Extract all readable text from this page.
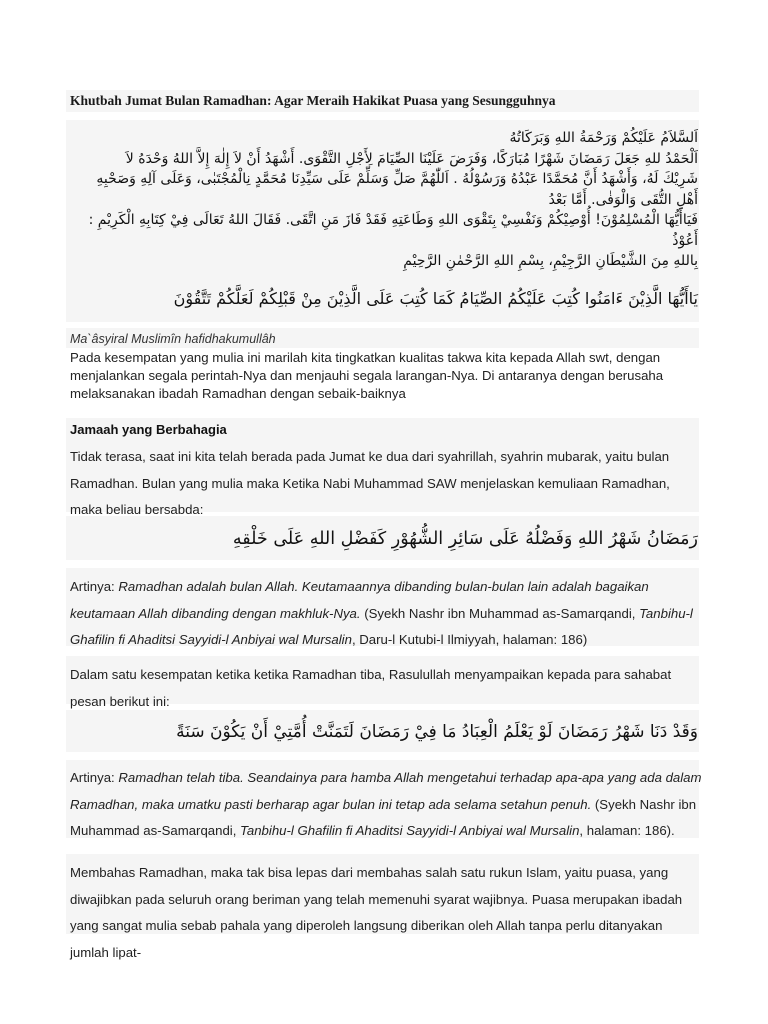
Khutbah Jumat Bulan Ramadhan: Agar Meraih Hakikat Puasa yang Sesungguhnya
اَلسَّلاَمُ عَلَيْكُمْ وَرَحْمَةُ اللهِ وَبَرَكَاتُهُ
اَلْحَمْدُ للهِ جَعَلَ رَمَضَانَ شَهْرًا مُبَارَكًا، وَفَرَضَ عَلَيْنَا الصِّيَامَ لِأَجْلِ التَّقْوَى. أَشْهَدُ أَنْ لاَ إِلٰهَ إِلاَّ اللهُ وَحْدَهُ لاَ
شَرِيْكَ لَهُ، وَأَشْهَدُ أَنَّ مُحَمَّدًا عَبْدُهُ وَرَسُوْلُهُ . اَللّٰهُمَّ صَلِّ وَسَلِّمْ عَلَى سَيِّدِنَا مُحَمَّدٍ نِالْمُجْتَبٰى، وَعَلَى آلِهِ وَصَحْبِهِ
أَهْلِ التُّقَى وَالْوَفٰى. أَمَّا بَعْدُ
فَيَاأَيُّهَا الْمُسْلِمُوْنَ! أُوْصِيْكُمْ وَنَفْسِيْ بِتَقْوَى اللهِ وَطَاعَتِهِ فَقَدْ فَازَ مَنِ اتَّقَى. فَقَالَ اللهُ تَعَالَى فِيْ كِتَابِهِ الْكَرِيْمِ : أَعُوْذُ
بِاللهِ مِنَ الشَّيْطَانِ الرَّجِيْمِ، بِسْمِ اللهِ الرَّحْمٰنِ الرَّحِيْمِ
يَاأَيُّهَا الَّذِيْنَ ءَامَنُوا كُتِبَ عَلَيْكُمُ الصِّيَامُ كَمَا كُتِبَ عَلَى الَّذِيْنَ مِنْ قَبْلِكُمْ لَعَلَّكُمْ تَتَّقُوْنَ
Ma`âsyiral Muslimîn hafidhakumullâh
Pada kesempatan yang mulia ini marilah kita tingkatkan kualitas takwa kita kepada Allah swt, dengan menjalankan segala perintah-Nya dan menjauhi segala larangan-Nya. Di antaranya dengan berusaha melaksanakan ibadah Ramadhan dengan sebaik-baiknya
Jamaah yang Berbahagia
Tidak terasa, saat ini kita telah berada pada Jumat ke dua dari syahrillah, syahrin mubarak, yaitu bulan Ramadhan. Bulan yang mulia maka Ketika Nabi Muhammad SAW menjelaskan kemuliaan Ramadhan, maka beliau bersabda:
رَمَضَانُ شَهْرُ اللهِ وَفَضْلُهُ عَلَى سَائِرِ الشُّهُوْرِ كَفَضْلِ اللهِ عَلَى خَلْقِهِ
Artinya: Ramadhan adalah bulan Allah. Keutamaannya dibanding bulan-bulan lain adalah bagaikan keutamaan Allah dibanding dengan makhluk-Nya. (Syekh Nashr ibn Muhammad as-Samarqandi, Tanbihu-l Ghafilin fi Ahaditsi Sayyidi-l Anbiyai wal Mursalin, Daru-l Kutubi-l Ilmiyyah, halaman: 186)
Dalam satu kesempatan ketika ketika Ramadhan tiba, Rasulullah menyampaikan kepada para sahabat pesan berikut ini:
وَقَدْ دَنَا شَهْرُ رَمَضَانَ لَوْ يَعْلَمُ الْعِبَادُ مَا فِيْ رَمَضَانَ لَتَمَنَّتْ أُمَّتِيْ أَنْ يَكُوْنَ سَنَةً
Artinya: Ramadhan telah tiba. Seandainya para hamba Allah mengetahui terhadap apa-apa yang ada dalam Ramadhan, maka umatku pasti berharap agar bulan ini tetap ada selama setahun penuh. (Syekh Nashr ibn Muhammad as-Samarqandi, Tanbihu-l Ghafilin fi Ahaditsi Sayyidi-l Anbiyai wal Mursalin, halaman: 186).
Membahas Ramadhan, maka tak bisa lepas dari membahas salah satu rukun Islam, yaitu puasa, yang diwajibkan pada seluruh orang beriman yang telah memenuhi syarat wajibnya. Puasa merupakan ibadah yang sangat mulia sebab pahala yang diperoleh langsung diberikan oleh Allah tanpa perlu ditanyakan jumlah lipat-
